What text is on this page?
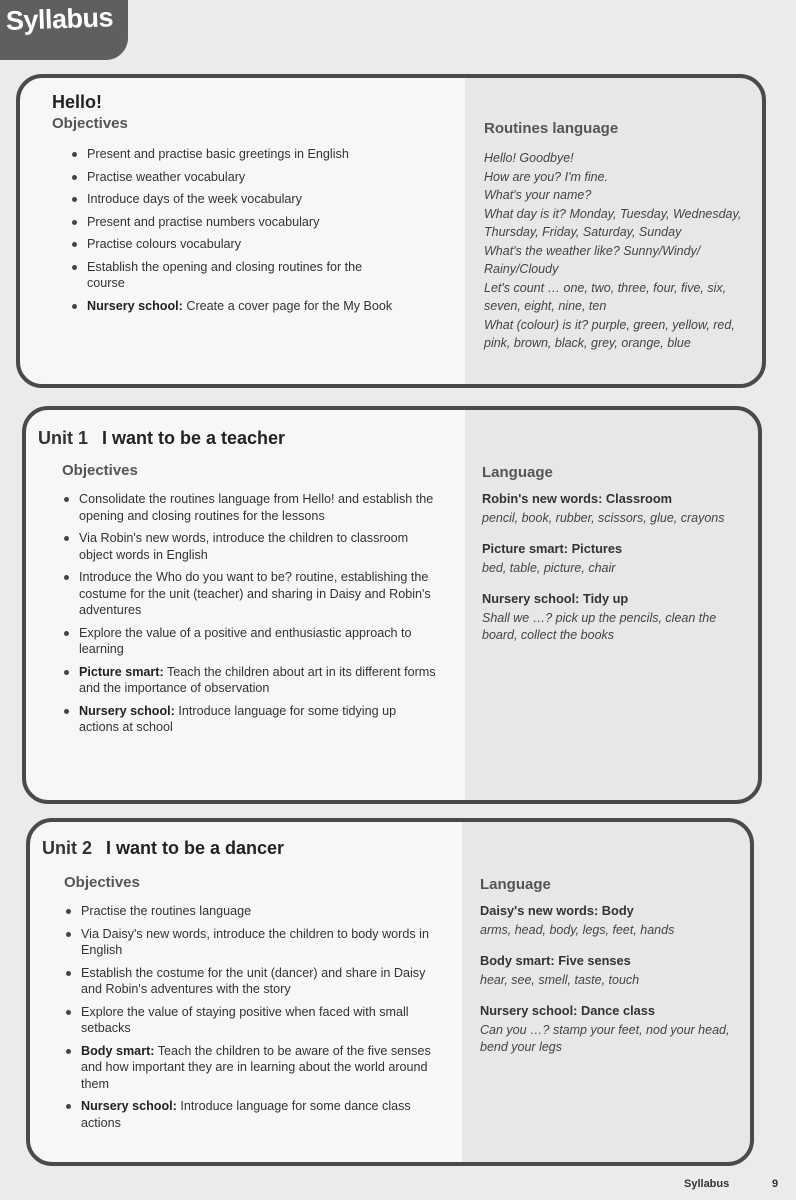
Syllabus
Hello!
Objectives
Present and practise basic greetings in English
Practise weather vocabulary
Introduce days of the week vocabulary
Present and practise numbers vocabulary
Practise colours vocabulary
Establish the opening and closing routines for the course
Nursery school: Create a cover page for the My Book
Routines language

Hello! Goodbye!

How are you? I'm fine.

What's your name?

What day is it? Monday, Tuesday, Wednesday,

Thursday, Friday, Saturday, Sunday

What's the weather like? Sunny/Windy/

Rainy/Cloudy

Let's count … one, two, three, four, five, six,

seven, eight, nine, ten

What (colour) is it? purple, green, yellow, red,

pink, brown, black, grey, orange, blue

Unit 1 I want to be a teacher
Objectives
Consolidate the routines language from Hello! and establish the opening and closing routines for the lessons
Via Robin's new words, introduce the children to classroom object words in English
Introduce the Who do you want to be? routine, establishing the costume for the unit (teacher) and sharing in Daisy and Robin's adventures
Explore the value of a positive and enthusiastic approach to learning
Picture smart: Teach the children about art in its different forms and the importance of observation
Nursery school: Introduce language for some tidying up actions at school
Language

Robin's new words: Classroom

pencil, book, rubber, scissors, glue, crayons

Picture smart: Pictures

bed, table, picture, chair

Nursery school: Tidy up

Shall we …? pick up the pencils, clean the board, collect the books

Unit 2 I want to be a dancer
Objectives
Practise the routines language
Via Daisy's new words, introduce the children to body words in English
Establish the costume for the unit (dancer) and share in Daisy and Robin's adventures with the story
Explore the value of staying positive when faced with small setbacks
Body smart: Teach the children to be aware of the five senses and how important they are in learning about the world around them
Nursery school: Introduce language for some dance class actions
Language

Daisy's new words: Body

arms, head, body, legs, feet, hands

Body smart: Five senses

hear, see, smell, taste, touch

Nursery school: Dance class

Can you …? stamp your feet, nod your head, bend your legs

Syllabus	9
